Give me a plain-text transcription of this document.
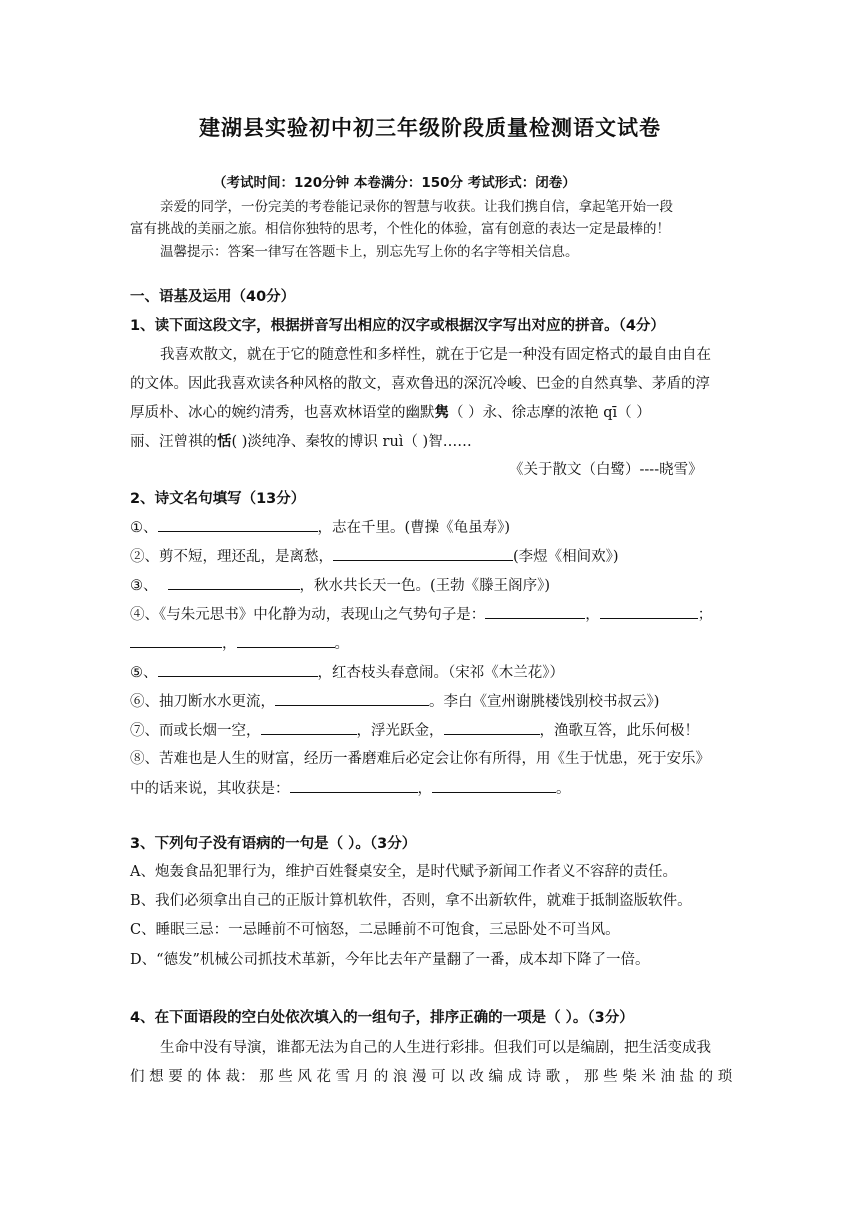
建湖县实验初中初三年级阶段质量检测语文试卷
（考试时间：120分钟 本卷满分：150分 考试形式：闭卷）
亲爱的同学，一份完美的考卷能记录你的智慧与收获。让我们携自信，拿起笔开始一段
富有挑战的美丽之旅。相信你独特的思考，个性化的体验，富有创意的表达一定是最棒的！
温馨提示：答案一律写在答题卡上，别忘先写上你的名字等相关信息。
一、语基及运用（40分）
1、读下面这段文字，根据拼音写出相应的汉字或根据汉字写出对应的拼音。（4分）
我喜欢散文，就在于它的随意性和多样性，就在于它是一种没有固定格式的最自由自在
的文体。因此我喜欢读各种风格的散文，喜欢鲁迅的深沉冷峻、巴金的自然真挚、茅盾的淳
厚质朴、冰心的婉约清秀，也喜欢林语堂的幽默隽（ ）永、徐志摩的浓艳 qī（ ）
丽、汪曾祺的恬( )淡纯净、秦牧的博识 ruì（ )智……
《关于散文（白鹭）----晓雪》
2、诗文名句填写（13分）
①、	，志在千里。(曹操《龟虽寿》)
②、剪不短，理还乱，是离愁，	(李煜《相间欢》)
③、	，秋水共长天一色。(王勃《滕王阁序》)
④、《与朱元思书》中化静为动，表现山之气势句子是：	，	；
，	。
⑤、	，红杏枝头春意闹。（宋祁《木兰花》）
⑥、抽刀断水水更流，	。李白《宣州谢朓楼饯别校书叔云》)
⑦、而或长烟一空，	，浮光跃金，	，渔歌互答，此乐何极！
⑧、苦难也是人生的财富，经历一番磨难后必定会让你有所得，用《生于忧患，死于安乐》
中的话来说，其收获是：	，	。
3、下列句子没有语病的一句是（ ）。（3分）
A、炮轰食品犯罪行为，维护百姓餐桌安全，是时代赋予新闻工作者义不容辞的责任。
B、我们必须拿出自己的正版计算机软件，否则，拿不出新软件，就难于抵制盗版软件。
C、睡眠三忌：一忌睡前不可恼怒，二忌睡前不可饱食，三忌卧处不可当风。
D、“德发”机械公司抓技术革新，今年比去年产量翻了一番，成本却下降了一倍。
4、在下面语段的空白处依次填入的一组句子，排序正确的一项是（ ）。（3分）
生命中没有导演，谁都无法为自己的人生进行彩排。但我们可以是编剧，把生活变成我
们 想 要 的 体 裁： 那 些 风 花 雪 月 的 浪 漫 可 以 改 编 成 诗 歌 ， 那 些 柴 米 油 盐 的 琐
